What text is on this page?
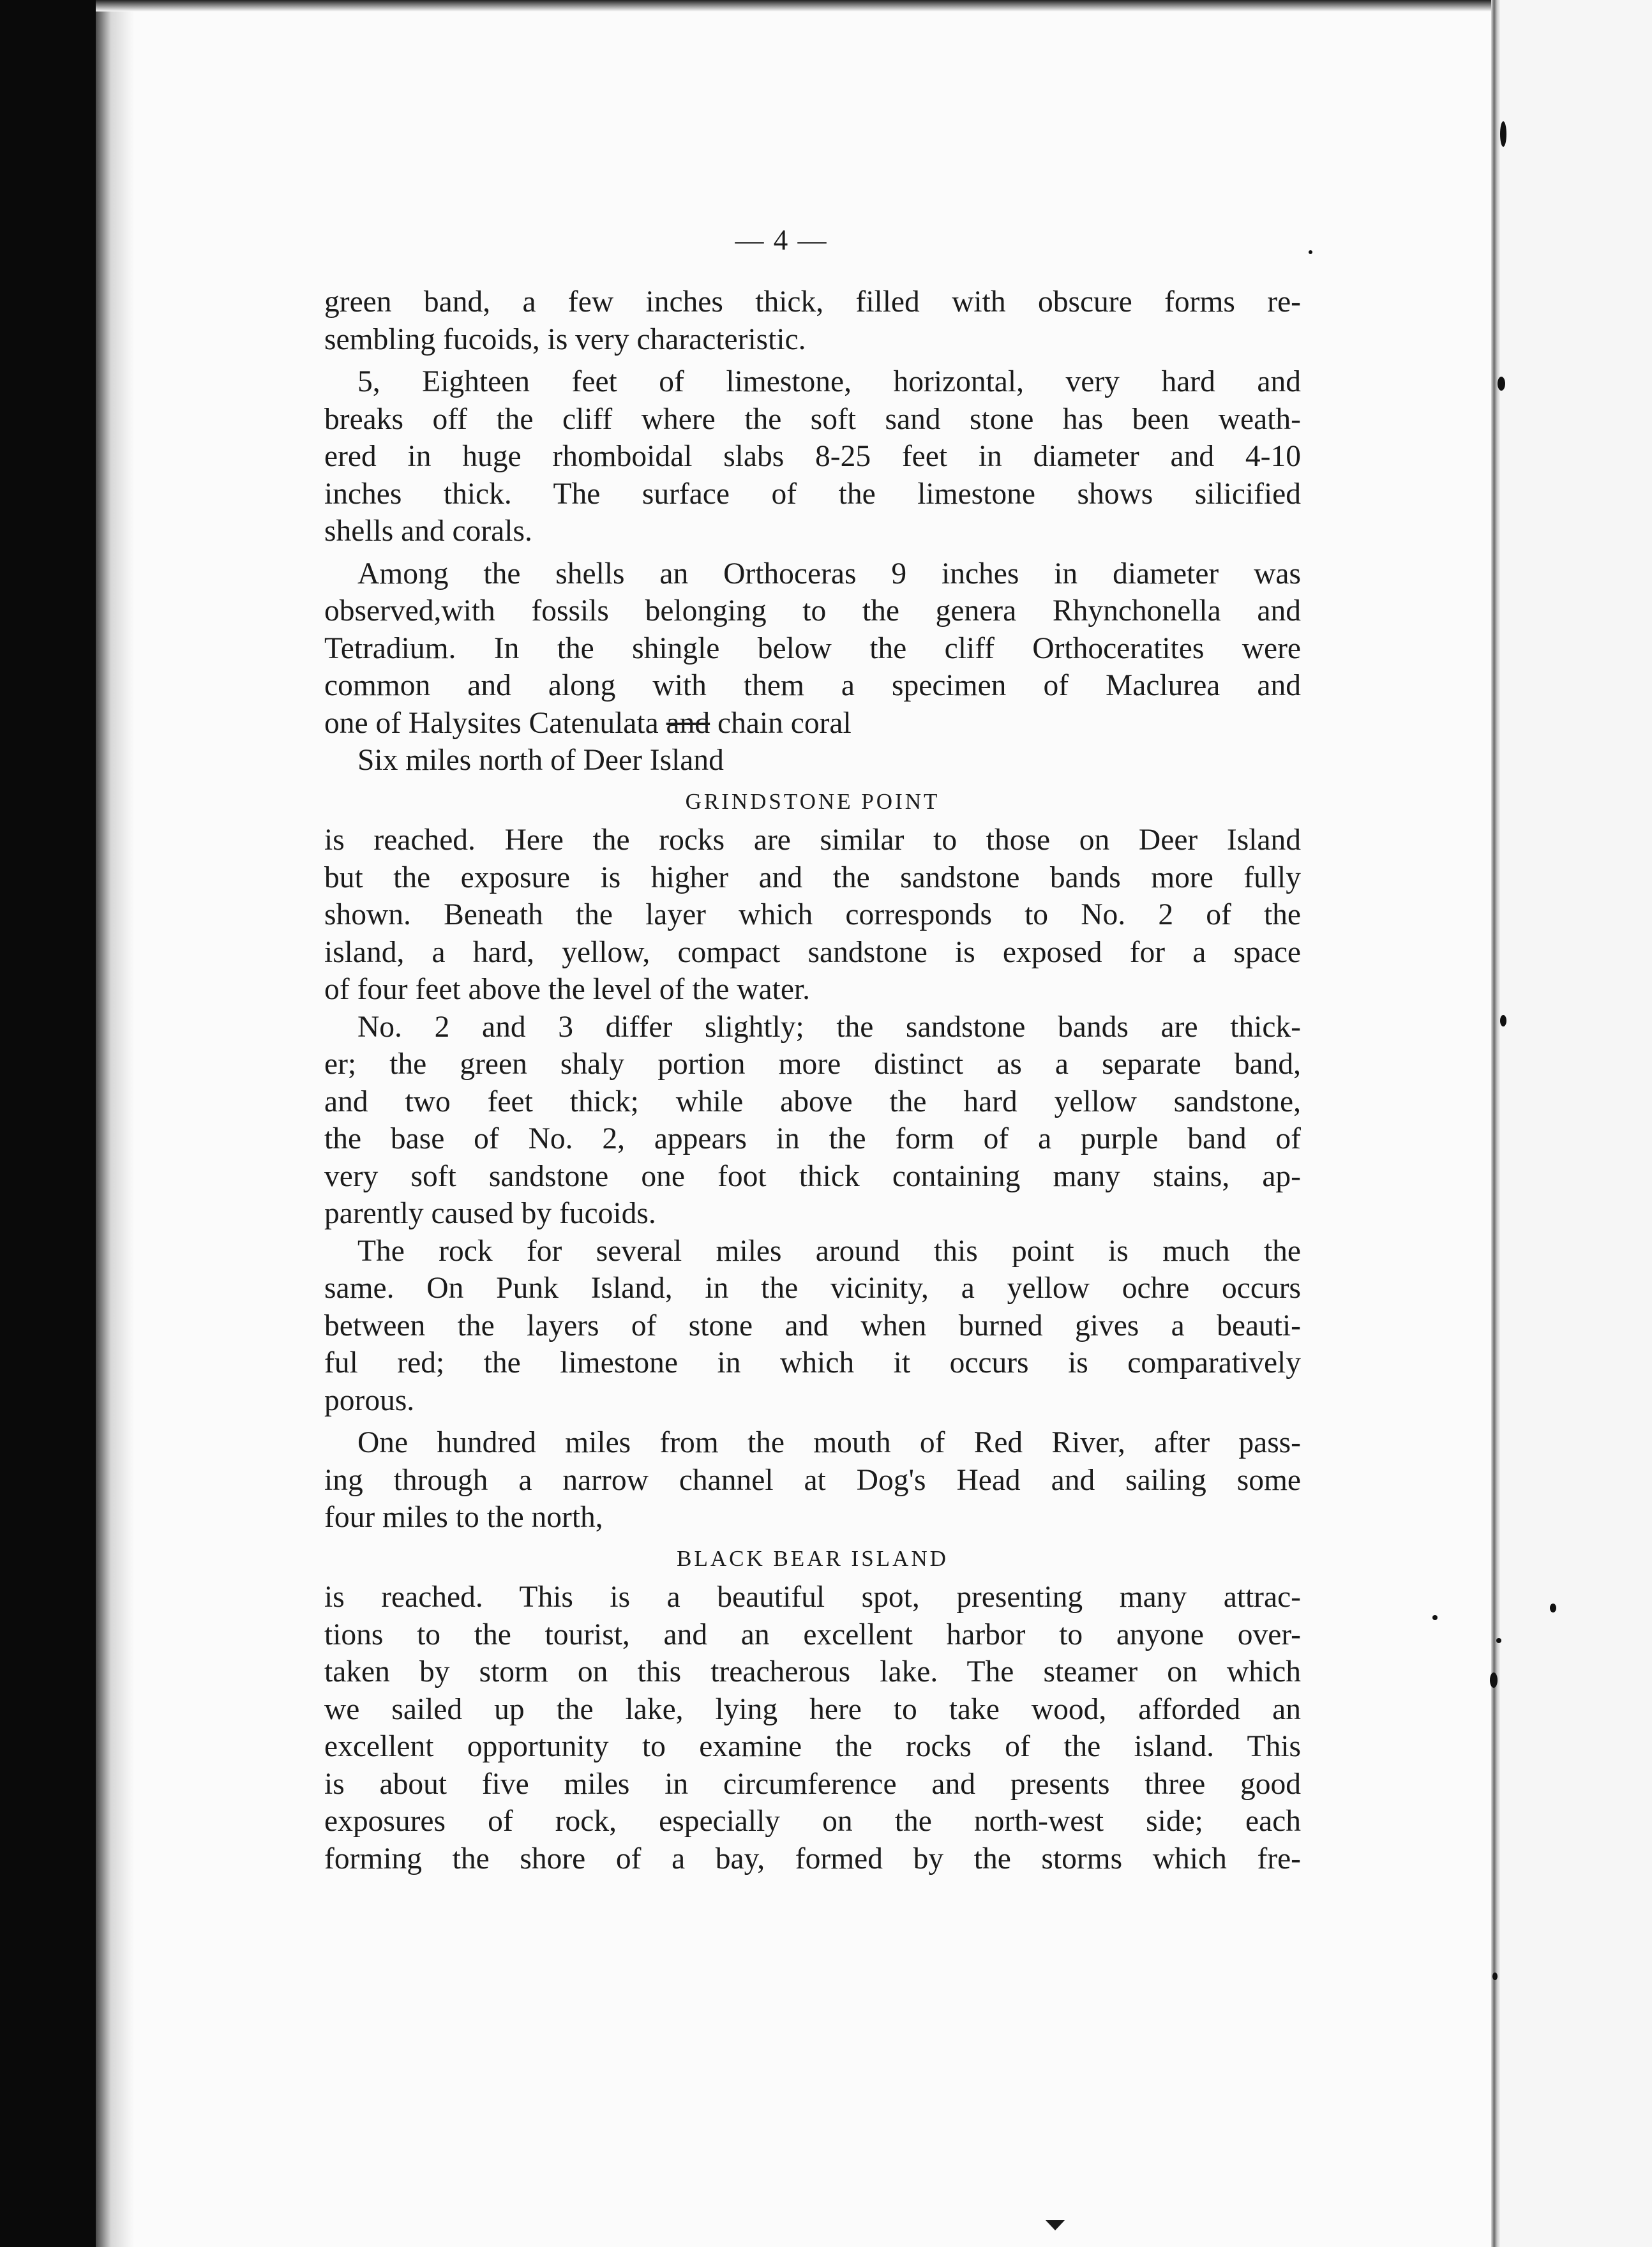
— 4 —

green band, a few inches thick, filled with obscure forms re-

sembling fucoids, is very characteristic.

5, Eighteen feet of limestone, horizontal, very hard and

breaks off the cliff where the soft sand stone has been weath-

ered in huge rhomboidal slabs 8-25 feet in diameter and 4-10

inches thick. The surface of the limestone shows silicified

shells and corals.

Among the shells an Orthoceras 9 inches in diameter was

observed,with fossils belonging to the genera Rhynchonella and

Tetradium. In the shingle below the cliff Orthoceratites were

common and along with them a specimen of Maclurea and

one of Halysites Catenulata and chain coral

Six miles north of Deer Island

GRINDSTONE POINT

is reached. Here the rocks are similar to those on Deer Island

but the exposure is higher and the sandstone bands more fully

shown. Beneath the layer which corresponds to No. 2 of the

island, a hard, yellow, compact sandstone is exposed for a space

of four feet above the level of the water.

No. 2 and 3 differ slightly; the sandstone bands are thick-

er; the green shaly portion more distinct as a separate band,

and two feet thick; while above the hard yellow sandstone,

the base of No. 2, appears in the form of a purple band of

very soft sandstone one foot thick containing many stains, ap-

parently caused by fucoids.

The rock for several miles around this point is much the

same. On Punk Island, in the vicinity, a yellow ochre occurs

between the layers of stone and when burned gives a beauti-

ful red; the limestone in which it occurs is comparatively

porous.

One hundred miles from the mouth of Red River, after pass-

ing through a narrow channel at Dog's Head and sailing some

four miles to the north,

BLACK BEAR ISLAND

is reached. This is a beautiful spot, presenting many attrac-

tions to the tourist, and an excellent harbor to anyone over-

taken by storm on this treacherous lake. The steamer on which

we sailed up the lake, lying here to take wood, afforded an

excellent opportunity to examine the rocks of the island. This

is about five miles in circumference and presents three good

exposures of rock, especially on the north-west side; each

forming the shore of a bay, formed by the storms which fre-
